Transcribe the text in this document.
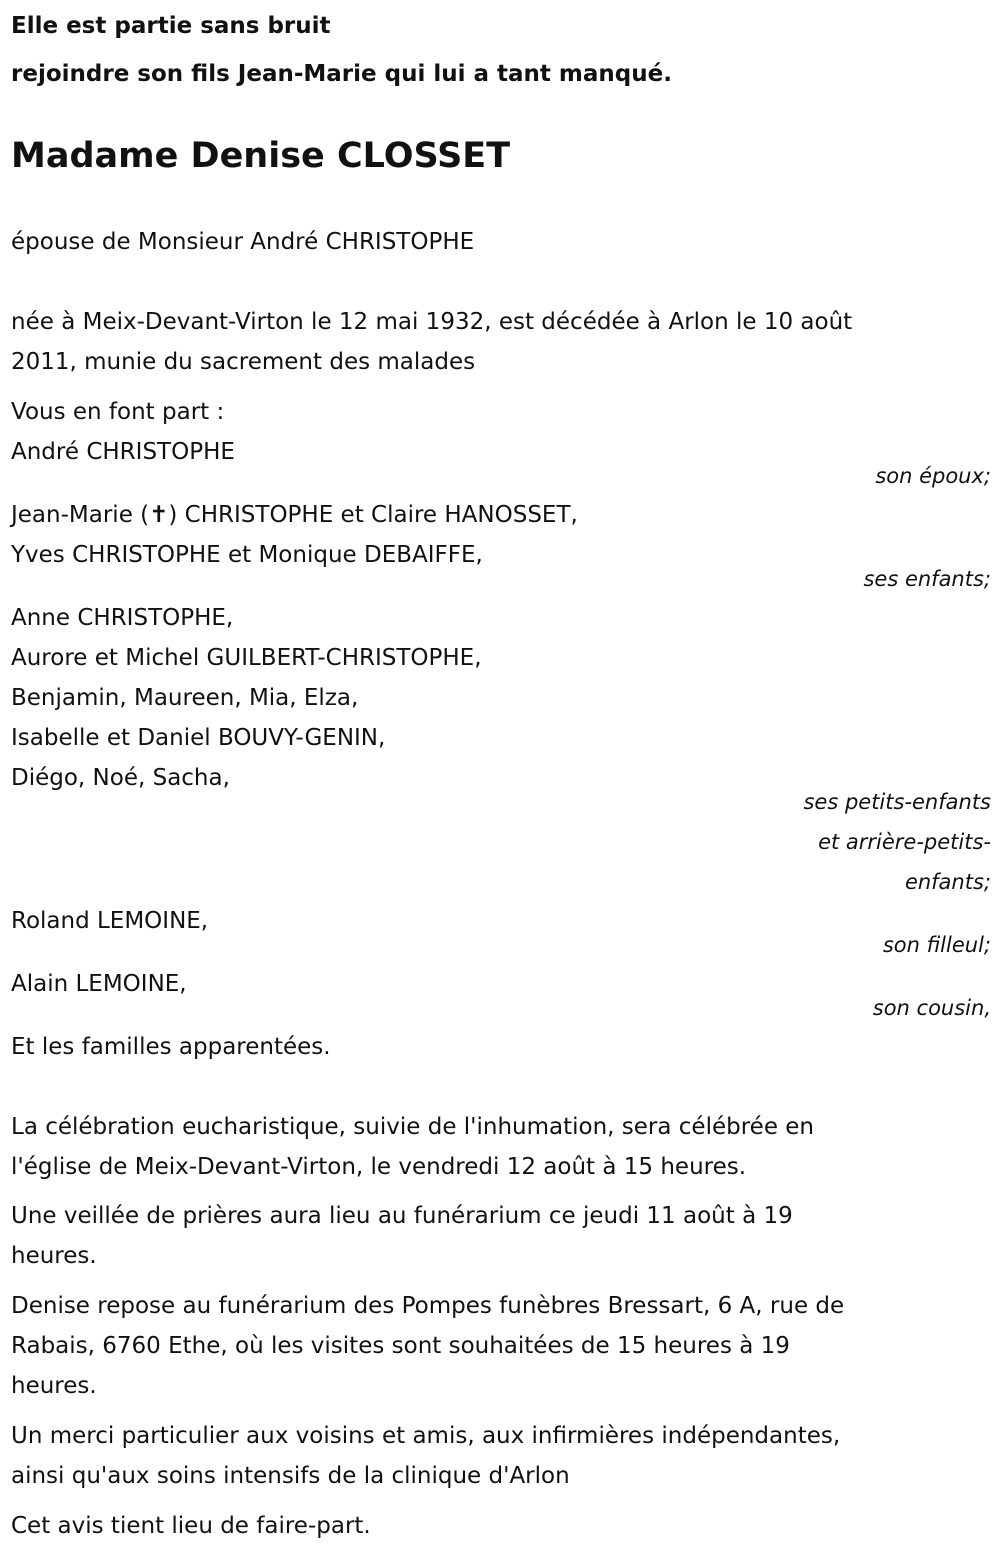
Elle est partie sans bruit
rejoindre son fils Jean-Marie qui lui a tant manqué.
Madame Denise CLOSSET
épouse de Monsieur André CHRISTOPHE
née à Meix-Devant-Virton le 12 mai 1932, est décédée à Arlon le 10 août
2011, munie du sacrement des malades
Vous en font part :
André CHRISTOPHE
son époux;
Jean-Marie (✝) CHRISTOPHE et Claire HANOSSET,
Yves CHRISTOPHE et Monique DEBAIFFE,
ses enfants;
Anne CHRISTOPHE,
Aurore et Michel GUILBERT-CHRISTOPHE,
Benjamin, Maureen, Mia, Elza,
Isabelle et Daniel BOUVY-GENIN,
Diégo, Noé, Sacha,
ses petits-enfants
et arrière-petits-
enfants;
Roland LEMOINE,
son filleul;
Alain LEMOINE,
son cousin,
Et les familles apparentées.
La célébration eucharistique, suivie de l'inhumation, sera célébrée en
l'église de Meix-Devant-Virton, le vendredi 12 août à 15 heures.
Une veillée de prières aura lieu au funérarium ce jeudi 11 août à 19
heures.
Denise repose au funérarium des Pompes funèbres Bressart, 6 A, rue de
Rabais, 6760 Ethe, où les visites sont souhaitées de 15 heures à 19
heures.
Un merci particulier aux voisins et amis, aux infirmières indépendantes,
ainsi qu'aux soins intensifs de la clinique d'Arlon
Cet avis tient lieu de faire-part.
